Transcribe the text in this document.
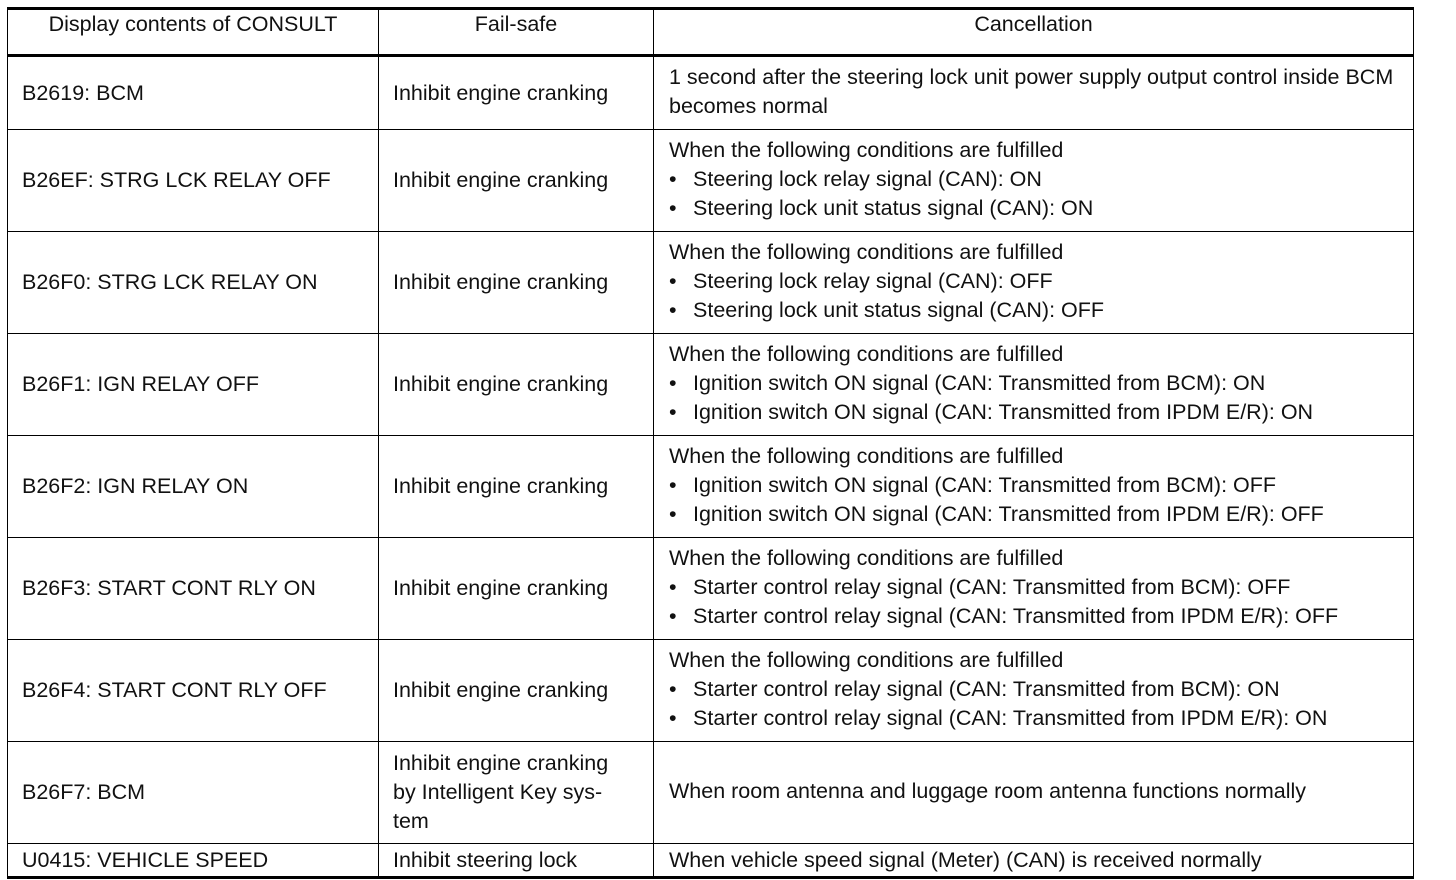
Display contents of CONSULT	Fail-safe	Cancellation
B2619: BCM	Inhibit engine cranking	1 second after the steering lock unit power supply output control inside BCM becomes normal
B26EF: STRG LCK RELAY OFF	Inhibit engine cranking	When the following conditions are fulfilled
• Steering lock relay signal (CAN): ON
• Steering lock unit status signal (CAN): ON

B26F0: STRG LCK RELAY ON	Inhibit engine cranking	When the following conditions are fulfilled
• Steering lock relay signal (CAN): OFF
• Steering lock unit status signal (CAN): OFF

B26F1: IGN RELAY OFF	Inhibit engine cranking	When the following conditions are fulfilled
• Ignition switch ON signal (CAN: Transmitted from BCM): ON
• Ignition switch ON signal (CAN: Transmitted from IPDM E/R): ON

B26F2: IGN RELAY ON	Inhibit engine cranking	When the following conditions are fulfilled
• Ignition switch ON signal (CAN: Transmitted from BCM): OFF
• Ignition switch ON signal (CAN: Transmitted from IPDM E/R): OFF

B26F3: START CONT RLY ON	Inhibit engine cranking	When the following conditions are fulfilled
• Starter control relay signal (CAN: Transmitted from BCM): OFF
• Starter control relay signal (CAN: Transmitted from IPDM E/R): OFF

B26F4: START CONT RLY OFF	Inhibit engine cranking	When the following conditions are fulfilled
• Starter control relay signal (CAN: Transmitted from BCM): ON
• Starter control relay signal (CAN: Transmitted from IPDM E/R): ON

B26F7: BCM	Inhibit engine cranking
by Intelligent Key sys-
tem	When room antenna and luggage room antenna functions normally
U0415: VEHICLE SPEED	Inhibit steering lock	When vehicle speed signal (Meter) (CAN) is received normally
